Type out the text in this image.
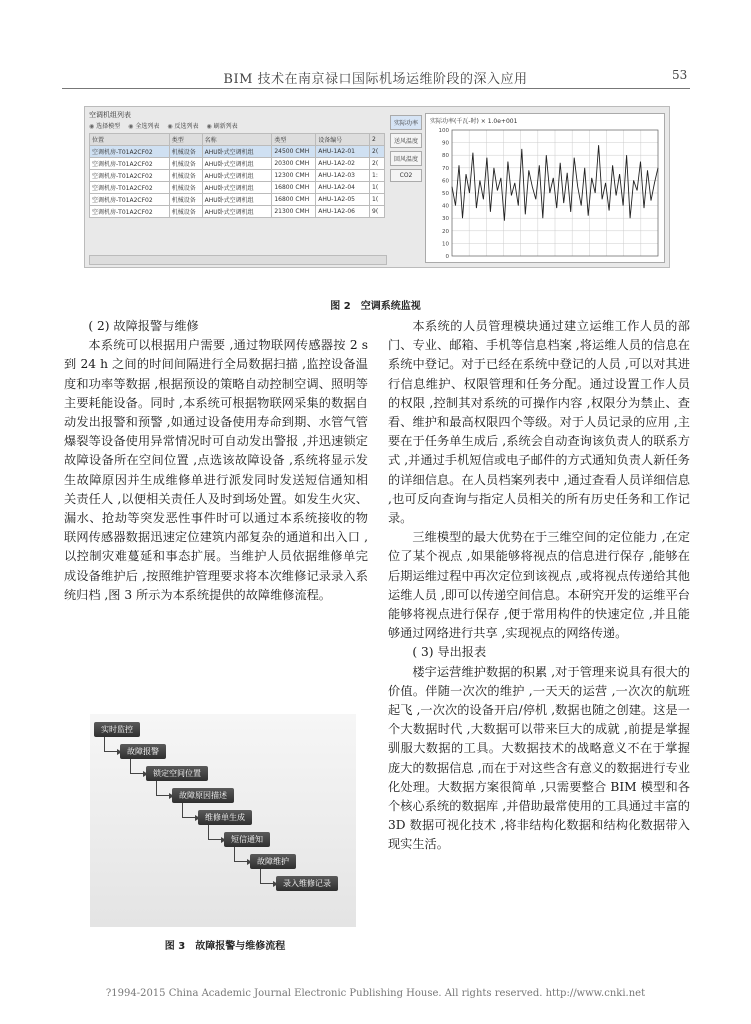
BIM 技术在南京禄口国际机场运维阶段的深入应用	53
空调机组列表
◉ 选择模型	◉ 全选列表	◉ 反选列表	◉ 刷新列表
位置	类型	名称	类型	设备编号	2
空调机房-T01A2CF02	机械设备	AHU卧式空调机组	24500 CMH	AHU-1A2-01	2(
空调机房-T01A2CF02	机械设备	AHU卧式空调机组	20300 CMH	AHU-1A2-02	2(
空调机房-T01A2CF02	机械设备	AHU卧式空调机组	12300 CMH	AHU-1A2-03	1:
空调机房-T01A2CF02	机械设备	AHU卧式空调机组	16800 CMH	AHU-1A2-04	1(
空调机房-T01A2CF02	机械设备	AHU卧式空调机组	16800 CMH	AHU-1A2-05	1(
空调机房-T01A2CF02	机械设备	AHU卧式空调机组	21300 CMH	AHU-1A2-06	9(
实际功率
送风温度
回风温度
CO2
实际功率(千瓦-时) × 1.0e+001
0
10
20
30
40
50
60
70
80
90
100
图 2　空调系统监视

( 2) 故障报警与维修

本系统可以根据用户需要 ,通过物联网传感器按 2 s 到 24 h 之间的时间间隔进行全局数据扫描 ,监控设备温度和功率等数据 ,根据预设的策略自动控制空调、照明等主要耗能设备。同时 ,本系统可根据物联网采集的数据自动发出报警和预警 ,如通过设备使用寿命到期、水管气管爆裂等设备使用异常情况时可自动发出警报 ,并迅速锁定故障设备所在空间位置 ,点选该故障设备 ,系统将显示发生故障原因并生成维修单进行派发同时发送短信通知相关责任人 ,以便相关责任人及时到场处置。如发生火灾、漏水、抢劫等突发恶性事件时可以通过本系统接收的物联网传感器数据迅速定位建筑内部复杂的通道和出入口 ,以控制灾难蔓延和事态扩展。当维护人员依据维修单完成设备维护后 ,按照维护管理要求将本次维修记录录入系统归档 ,图 3 所示为本系统提供的故障维修流程。

实时监控
故障报警
锁定空间位置
故障原因描述
维修单生成
短信通知
故障维护
录入维修记录
图 3　故障报警与维修流程

本系统的人员管理模块通过建立运维工作人员的部门、专业、邮箱、手机等信息档案 ,将运维人员的信息在系统中登记。对于已经在系统中登记的人员 ,可以对其进行信息维护、权限管理和任务分配。通过设置工作人员的权限 ,控制其对系统的可操作内容 ,权限分为禁止、查看、维护和最高权限四个等级。对于人员记录的应用 ,主要在于任务单生成后 ,系统会自动查询该负责人的联系方式 ,并通过手机短信或电子邮件的方式通知负责人新任务的详细信息。在人员档案列表中 ,通过查看人员详细信息 ,也可反向查询与指定人员相关的所有历史任务和工作记录。

三维模型的最大优势在于三维空间的定位能力 ,在定位了某个视点 ,如果能够将视点的信息进行保存 ,能够在后期运维过程中再次定位到该视点 ,或将视点传递给其他运维人员 ,即可以传递空间信息。本研究开发的运维平台能够将视点进行保存 ,便于常用构件的快速定位 ,并且能够通过网络进行共享 ,实现视点的网络传递。

( 3) 导出报表

楼宇运营维护数据的积累 ,对于管理来说具有很大的价值。伴随一次次的维护 ,一天天的运营 ,一次次的航班起飞 ,一次次的设备开启/停机 ,数据也随之创建。这是一个大数据时代 ,大数据可以带来巨大的成就 ,前提是掌握驯服大数据的工具。大数据技术的战略意义不在于掌握庞大的数据信息 ,而在于对这些含有意义的数据进行专业化处理。大数据方案很简单 ,只需要整合 BIM 模型和各个核心系统的数据库 ,并借助最常使用的工具通过丰富的 3D 数据可视化技术 ,将非结构化数据和结构化数据带入现实生活。

?1994-2015 China Academic Journal Electronic Publishing House. All rights reserved. http://www.cnki.net
